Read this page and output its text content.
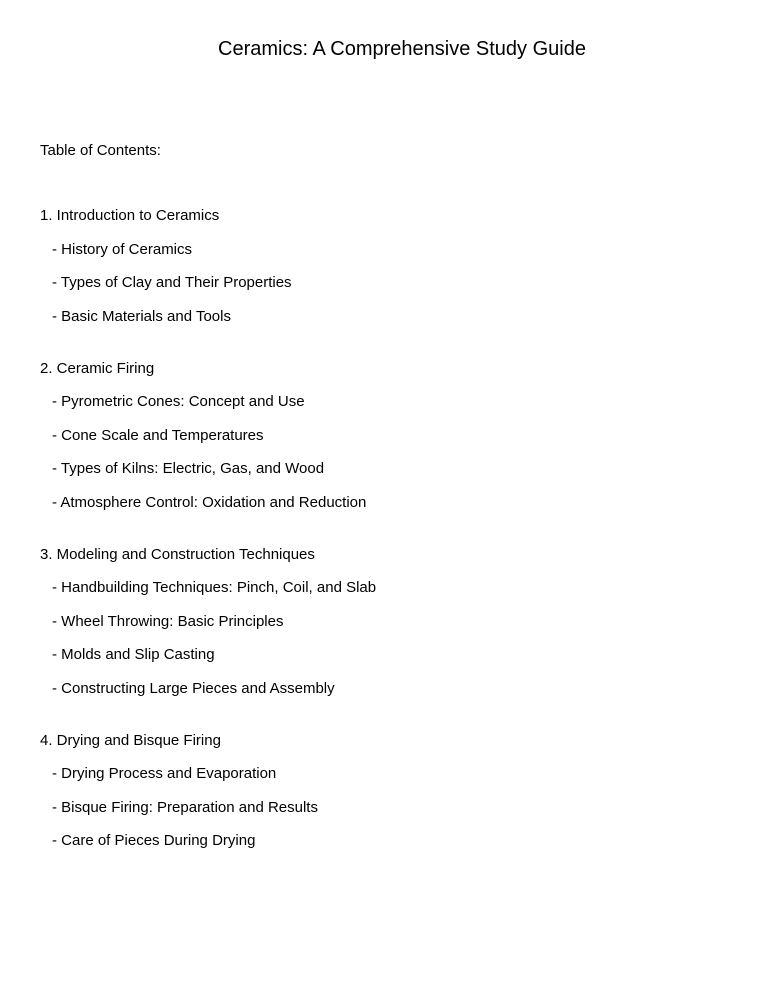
Ceramics: A Comprehensive Study Guide

Table of Contents:

1. Introduction to Ceramics
- History of Ceramics
- Types of Clay and Their Properties
- Basic Materials and Tools
2. Ceramic Firing
- Pyrometric Cones: Concept and Use
- Cone Scale and Temperatures
- Types of Kilns: Electric, Gas, and Wood
- Atmosphere Control: Oxidation and Reduction
3. Modeling and Construction Techniques
- Handbuilding Techniques: Pinch, Coil, and Slab
- Wheel Throwing: Basic Principles
- Molds and Slip Casting
- Constructing Large Pieces and Assembly
4. Drying and Bisque Firing
- Drying Process and Evaporation
- Bisque Firing: Preparation and Results
- Care of Pieces During Drying
